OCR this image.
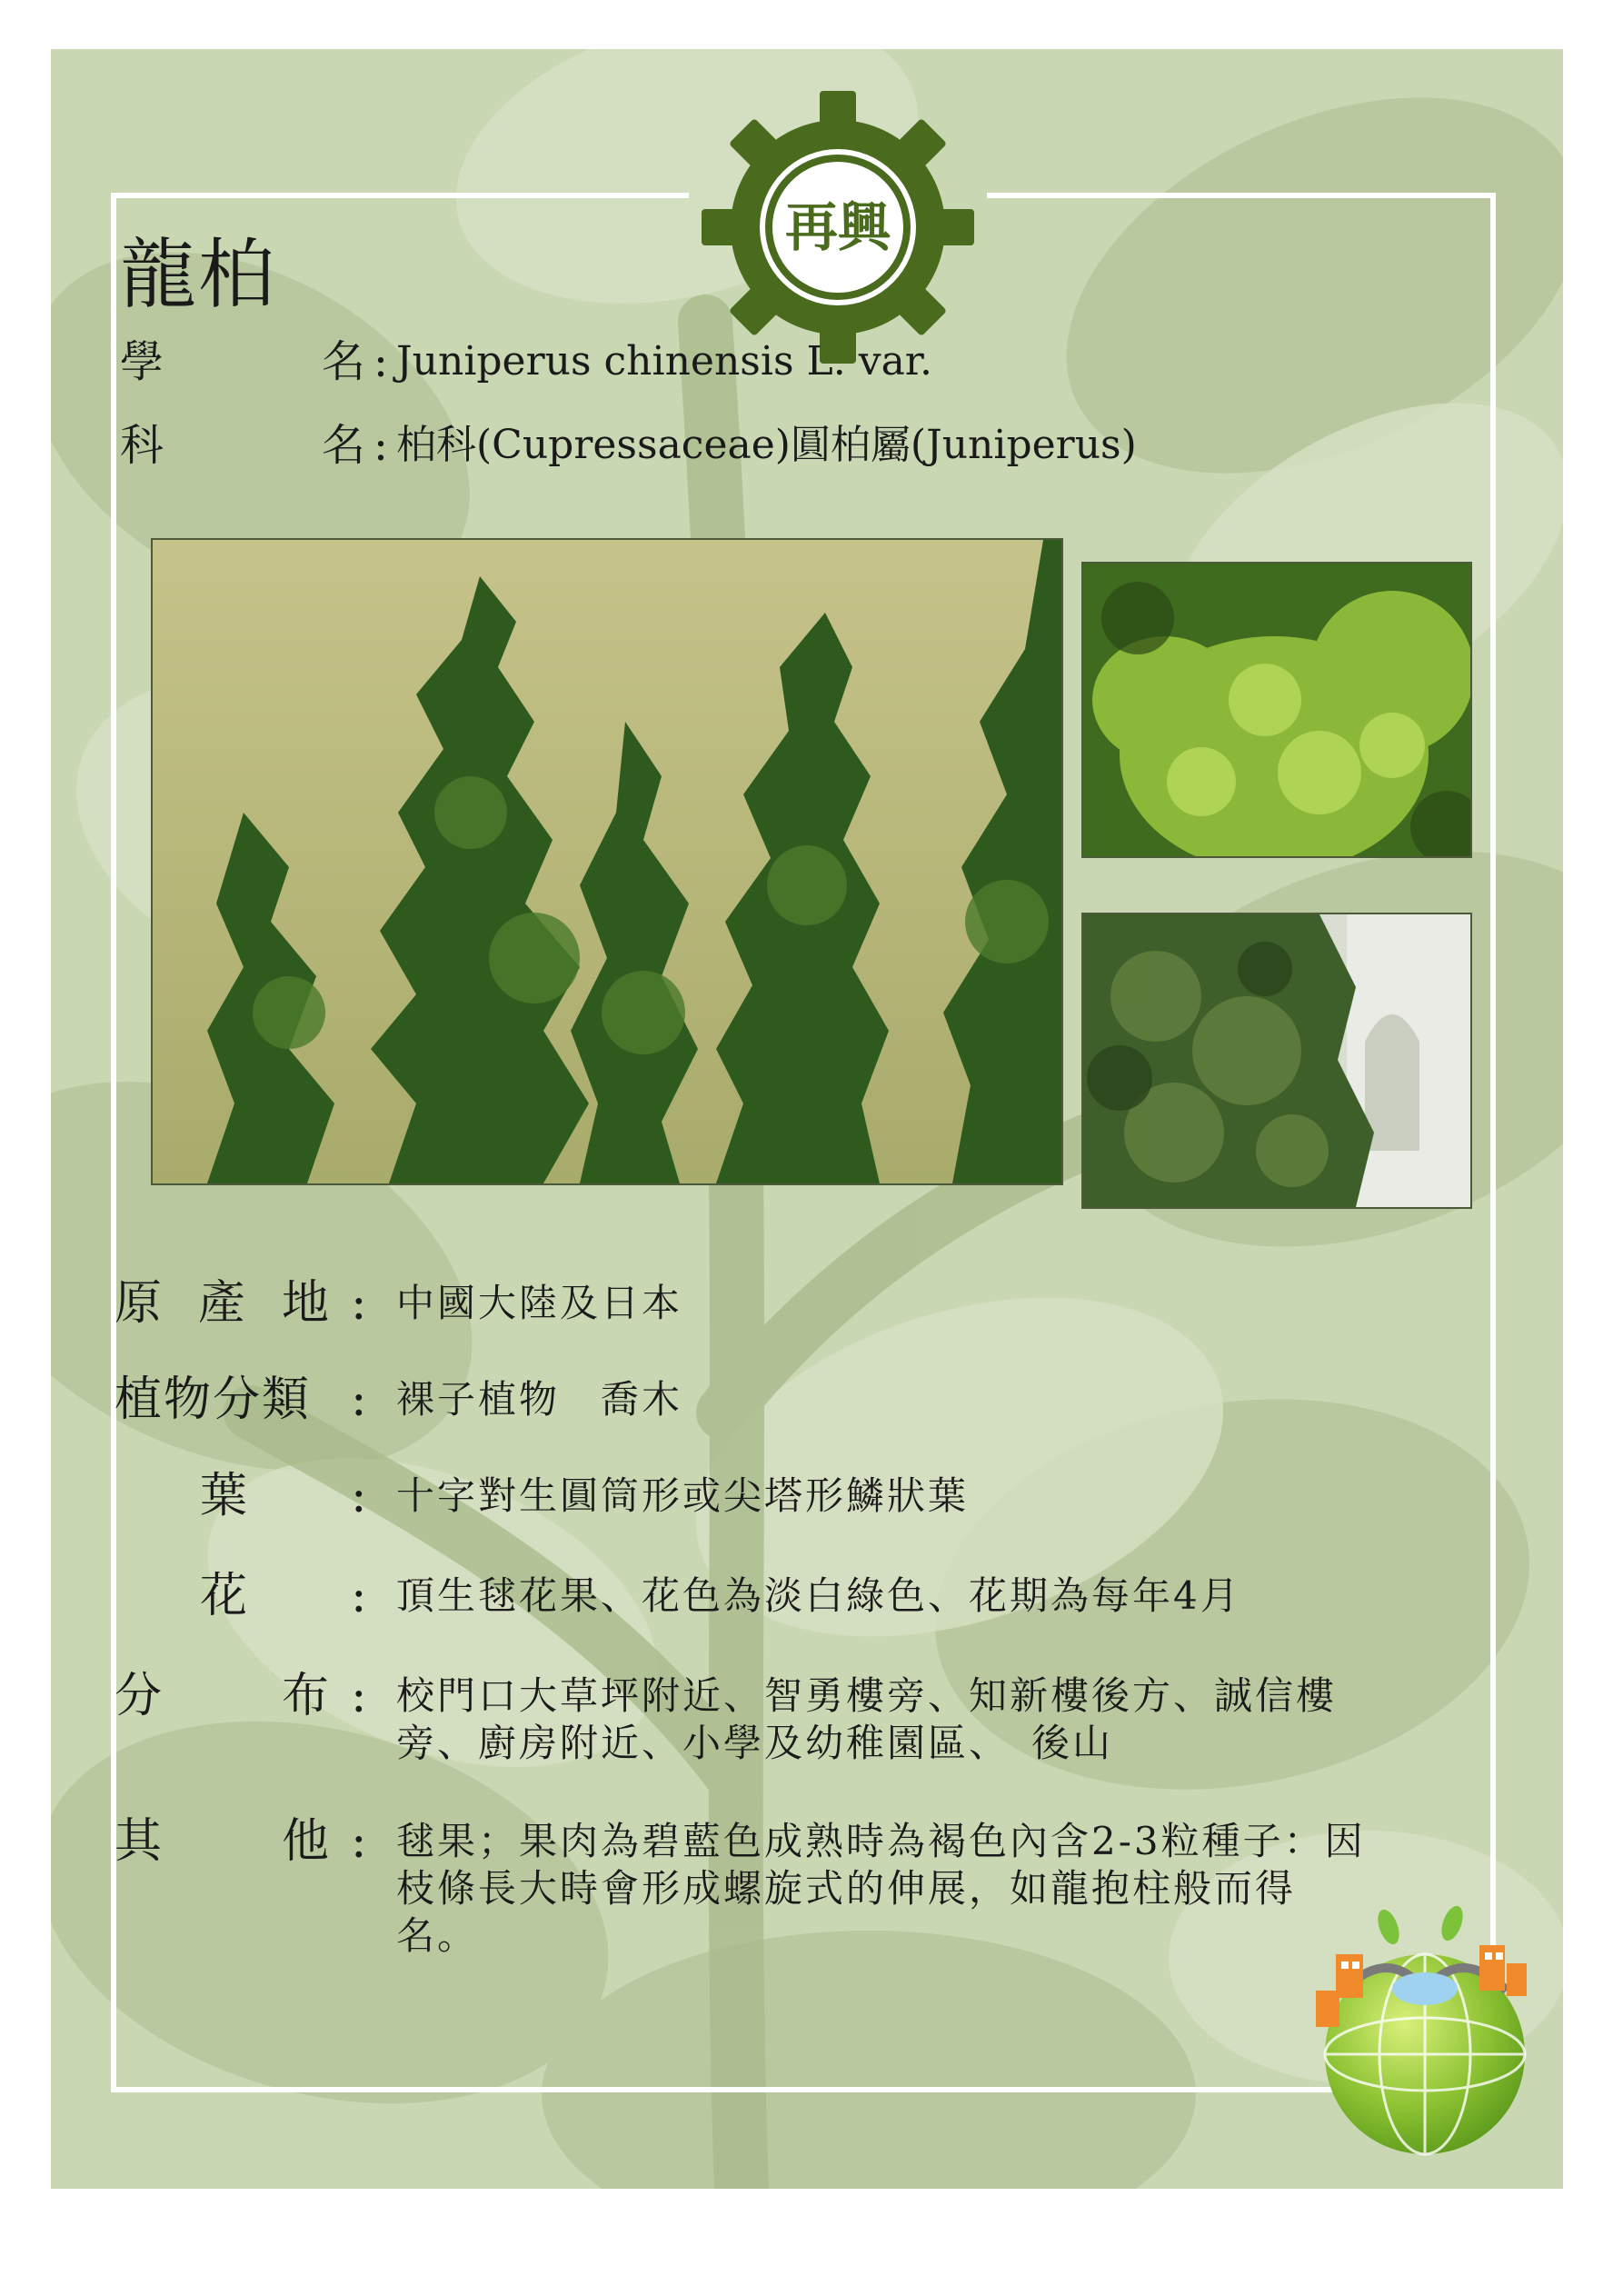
再興
龍柏
學	名 : Juniperus chinensis L. var.
科	名 : 柏科(Cupressaceae)圓柏屬(Juniperus)
原 產 地 : 中國大陸及日本
植物分類 : 裸子植物　喬木
葉	: 十字對生圓筒形或尖塔形鱗狀葉
花	: 頂生毬花果、花色為淡白綠色、花期為每年4月
分	布 : 校門口大草坪附近、智勇樓旁、知新樓後方、誠信樓旁、廚房附近、小學及幼稚園區、　後山
其	他 : 毬果；果肉為碧藍色成熟時為褐色內含2-3粒種子：因枝條長大時會形成螺旋式的伸展，如龍抱柱般而得名。
